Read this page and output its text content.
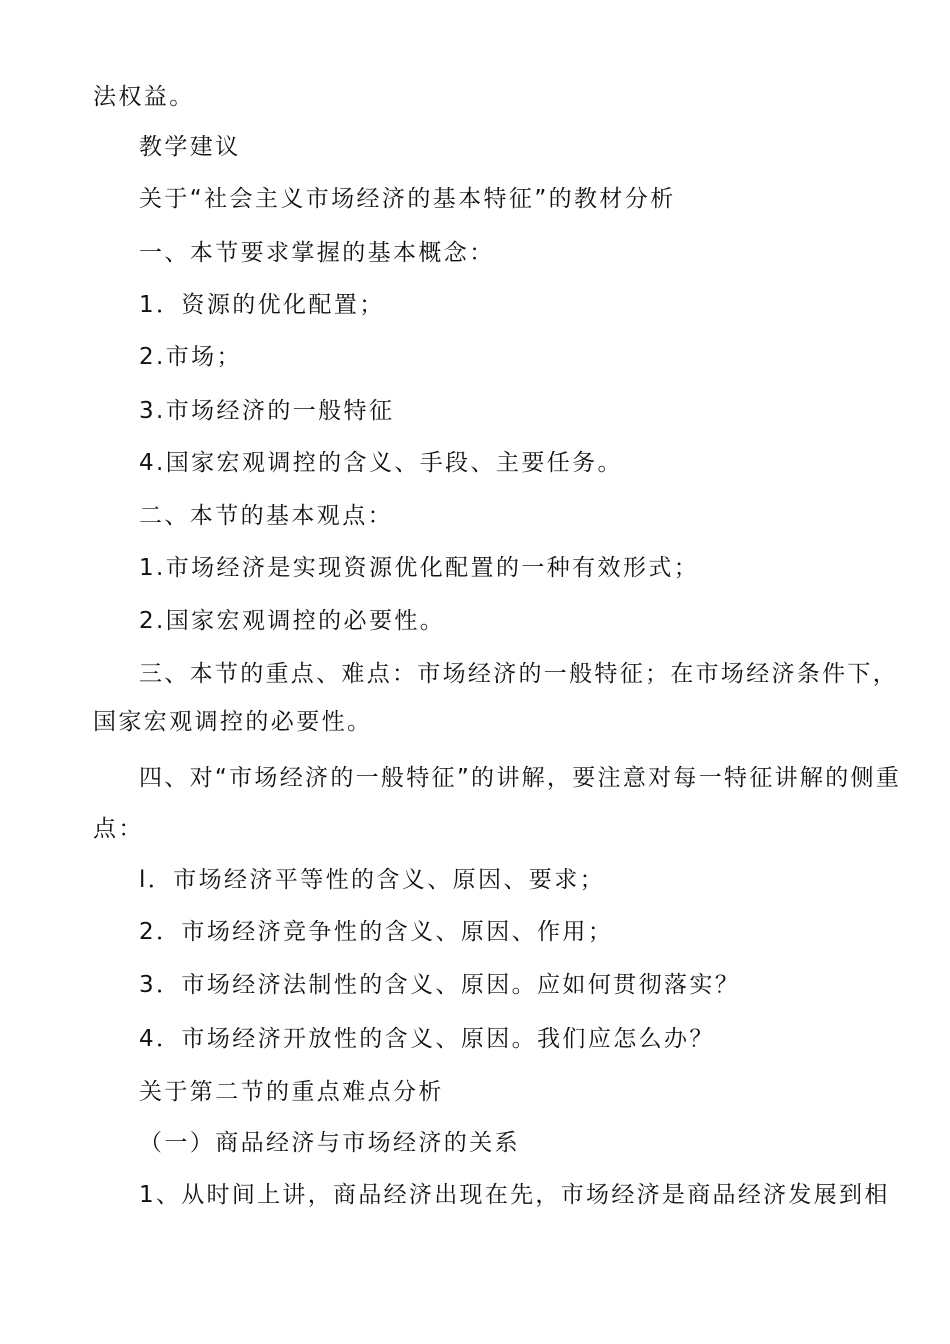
法权益。
教学建议
关于“社会主义市场经济的基本特征”的教材分析
一、本节要求掌握的基本概念：
1．资源的优化配置；
2.市场；
3.市场经济的一般特征
4.国家宏观调控的含义、手段、主要任务。
二、本节的基本观点：
1.市场经济是实现资源优化配置的一种有效形式；
2.国家宏观调控的必要性。
三、本节的重点、难点：市场经济的一般特征；在市场经济条件下，
国家宏观调控的必要性。
四、对“市场经济的一般特征”的讲解，要注意对每一特征讲解的侧重
点：
l．市场经济平等性的含义、原因、要求；
2．市场经济竞争性的含义、原因、作用；
3．市场经济法制性的含义、原因。应如何贯彻落实？
4．市场经济开放性的含义、原因。我们应怎么办？
关于第二节的重点难点分析
（一）商品经济与市场经济的关系
1、从时间上讲，商品经济出现在先，市场经济是商品经济发展到相
